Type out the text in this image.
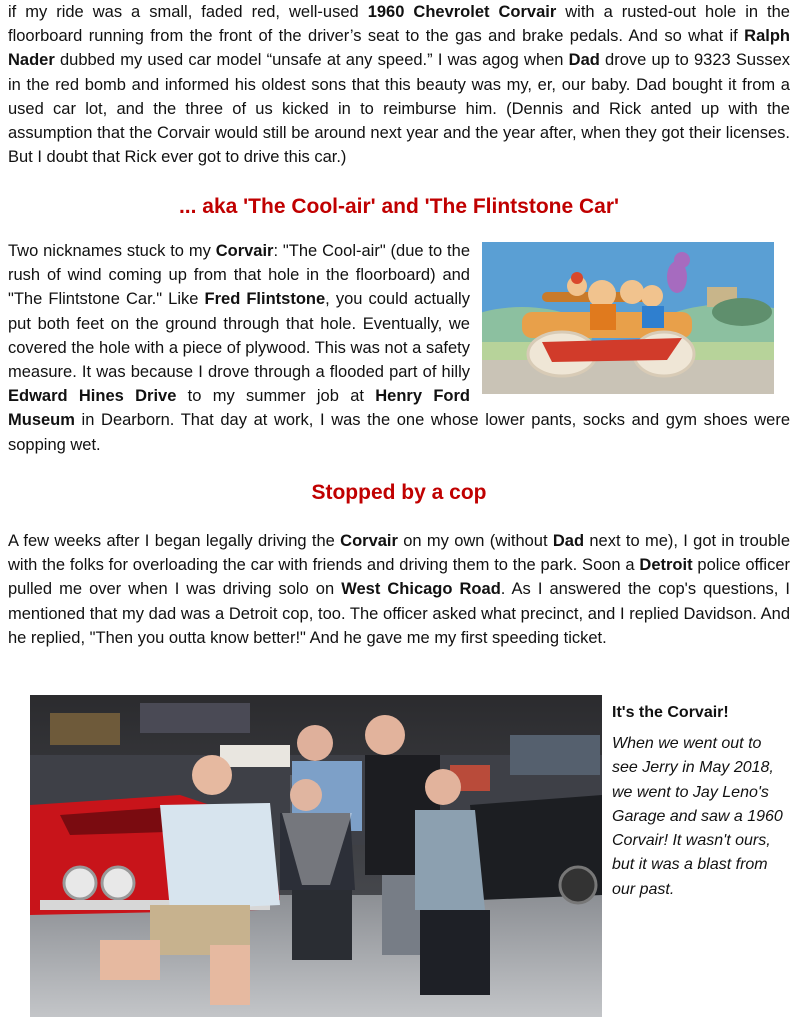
if my ride was a small, faded red, well-used 1960 Chevrolet Corvair with a rusted-out hole in the floorboard running from the front of the driver’s seat to the gas and brake pedals. And so what if Ralph Nader dubbed my used car model “unsafe at any speed.” I was agog when Dad drove up to 9323 Sussex in the red bomb and informed his oldest sons that this beauty was my, er, our baby. Dad bought it from a used car lot, and the three of us kicked in to reimburse him. (Dennis and Rick anted up with the assumption that the Corvair would still be around next year and the year after, when they got their licenses. But I doubt that Rick ever got to drive this car.)

... aka 'The Cool-air' and 'The Flintstone Car'

Two nicknames stuck to my Corvair: "The Cool-air" (due to the rush of wind coming up from that hole in the floorboard) and "The Flintstone Car." Like Fred Flintstone, you could actually put both feet on the ground through that hole. Eventually, we covered the hole with a piece of plywood. This was not a safety measure. It was because I drove through a flooded part of hilly Edward Hines Drive to my summer job at Henry Ford Museum in Dearborn. That day at work, I was the one whose lower pants, socks and gym shoes were sopping wet.

Stopped by a cop

A few weeks after I began legally driving the Corvair on my own (without Dad next to me), I got in trouble with the folks for overloading the car with friends and driving them to the park. Soon a Detroit police officer pulled me over when I was driving solo on West Chicago Road. As I answered the cop's questions, I mentioned that my dad was a Detroit cop, too. The officer asked what precinct, and I replied Davidson. And he replied, "Then you outta know better!" And he gave me my first speeding ticket.

It's the Corvair!

When we went out to see Jerry in May 2018, we went to Jay Leno's Garage and saw a 1960 Corvair! It wasn't ours, but it was a blast from our past.
